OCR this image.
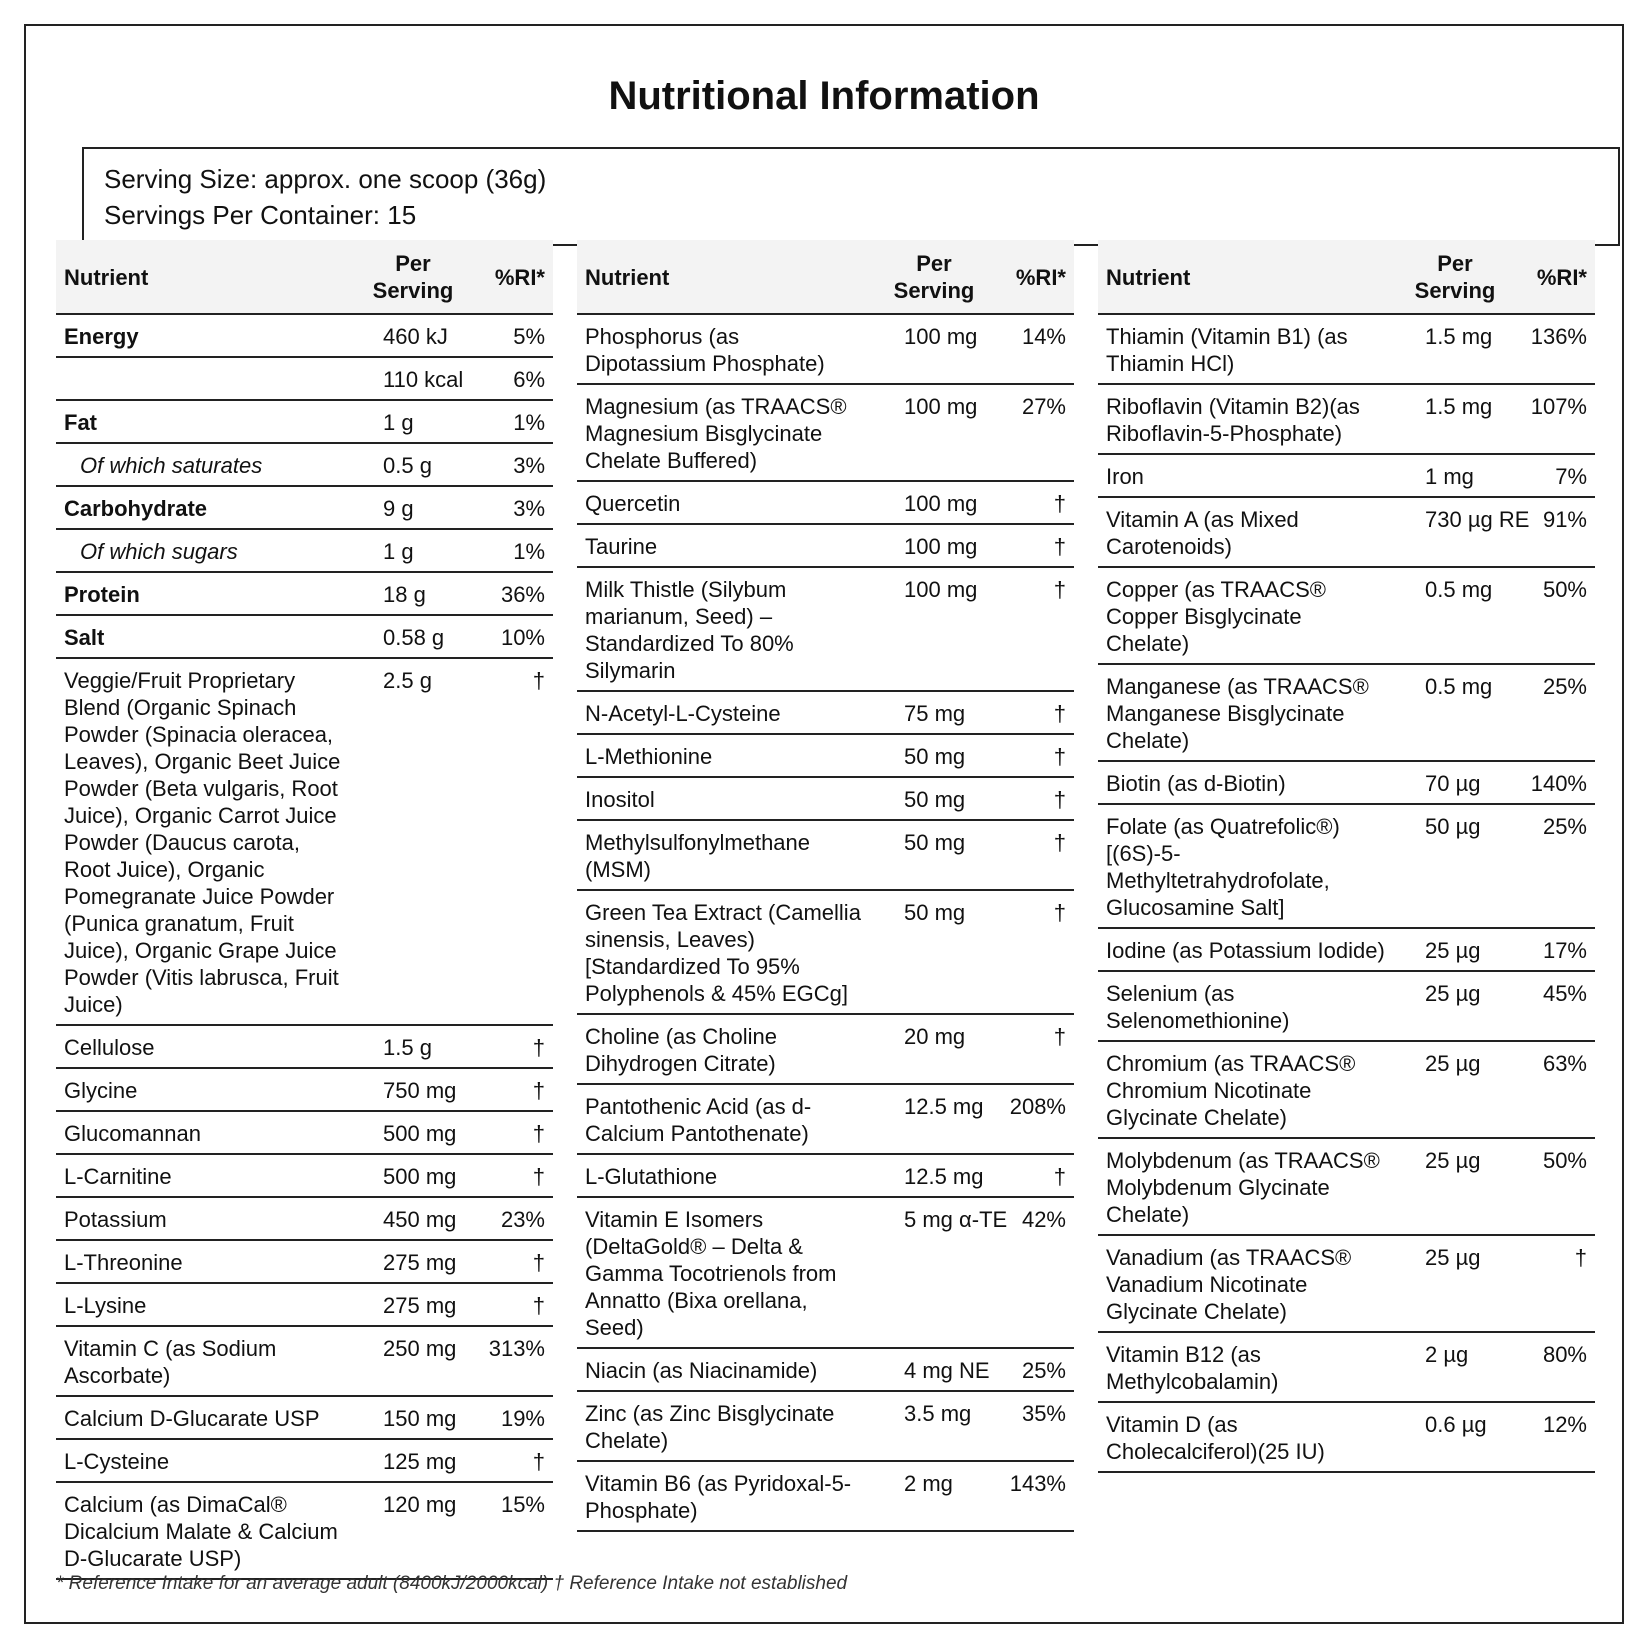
Nutritional Information
Serving Size: approx. one scoop (36g)
Servings Per Container: 15
Nutrient	Per Serving	%RI*
Energy	460 kJ	5%
	110 kcal	6%
Fat	1 g	1%
Of which saturates	0.5 g	3%
Carbohydrate	9 g	3%
Of which sugars	1 g	1%
Protein	18 g	36%
Salt	0.58 g	10%
Veggie/Fruit Proprietary Blend (Organic Spinach Powder (Spinacia oleracea, Leaves), Organic Beet Juice Powder (Beta vulgaris, Root Juice), Organic Carrot Juice Powder (Daucus carota, Root Juice), Organic Pomegranate Juice Powder (Punica granatum, Fruit Juice), Organic Grape Juice Powder (Vitis labrusca, Fruit Juice)	2.5 g	†
Cellulose	1.5 g	†
Glycine	750 mg	†
Glucomannan	500 mg	†
L-Carnitine	500 mg	†
Potassium	450 mg	23%
L-Threonine	275 mg	†
L-Lysine	275 mg	†
Vitamin C (as Sodium Ascorbate)	250 mg	313%
Calcium D-Glucarate USP	150 mg	19%
L-Cysteine	125 mg	†
Calcium (as DimaCal® Dicalcium Malate & Calcium D-Glucarate USP)	120 mg	15%
Nutrient	Per Serving	%RI*
Phosphorus (as Dipotassium Phosphate)	100 mg	14%
Magnesium (as TRAACS® Magnesium Bisglycinate Chelate Buffered)	100 mg	27%
Quercetin	100 mg	†
Taurine	100 mg	†
Milk Thistle (Silybum marianum, Seed) – Standardized To 80% Silymarin	100 mg	†
N-Acetyl-L-Cysteine	75 mg	†
L-Methionine	50 mg	†
Inositol	50 mg	†
Methylsulfonylmethane (MSM)	50 mg	†
Green Tea Extract (Camellia sinensis, Leaves) [Standardized To 95% Polyphenols & 45% EGCg]	50 mg	†
Choline (as Choline Dihydrogen Citrate)	20 mg	†
Pantothenic Acid (as d-Calcium Pantothenate)	12.5 mg	208%
L-Glutathione	12.5 mg	†
Vitamin E Isomers (DeltaGold® – Delta & Gamma Tocotrienols from Annatto (Bixa orellana, Seed)	5 mg α-TE	42%
Niacin (as Niacinamide)	4 mg NE	25%
Zinc (as Zinc Bisglycinate Chelate)	3.5 mg	35%
Vitamin B6 (as Pyridoxal-5-Phosphate)	2 mg	143%
Nutrient	Per Serving	%RI*
Thiamin (Vitamin B1) (as Thiamin HCl)	1.5 mg	136%
Riboflavin (Vitamin B2)(as Riboflavin-5-Phosphate)	1.5 mg	107%
Iron	1 mg	7%
Vitamin A (as Mixed Carotenoids)	730 µg RE	91%
Copper (as TRAACS® Copper Bisglycinate Chelate)	0.5 mg	50%
Manganese (as TRAACS® Manganese Bisglycinate Chelate)	0.5 mg	25%
Biotin (as d-Biotin)	70 µg	140%
Folate (as Quatrefolic®) [(6S)-5-Methyltetrahydrofolate, Glucosamine Salt]	50 µg	25%
Iodine (as Potassium Iodide)	25 µg	17%
Selenium (as Selenomethionine)	25 µg	45%
Chromium (as TRAACS® Chromium Nicotinate Glycinate Chelate)	25 µg	63%
Molybdenum (as TRAACS® Molybdenum Glycinate Chelate)	25 µg	50%
Vanadium (as TRAACS® Vanadium Nicotinate Glycinate Chelate)	25 µg	†
Vitamin B12 (as Methylcobalamin)	2 µg	80%
Vitamin D (as Cholecalciferol)(25 IU)	0.6 µg	12%
* Reference Intake for an average adult (8400kJ/2000kcal) † Reference Intake not established
